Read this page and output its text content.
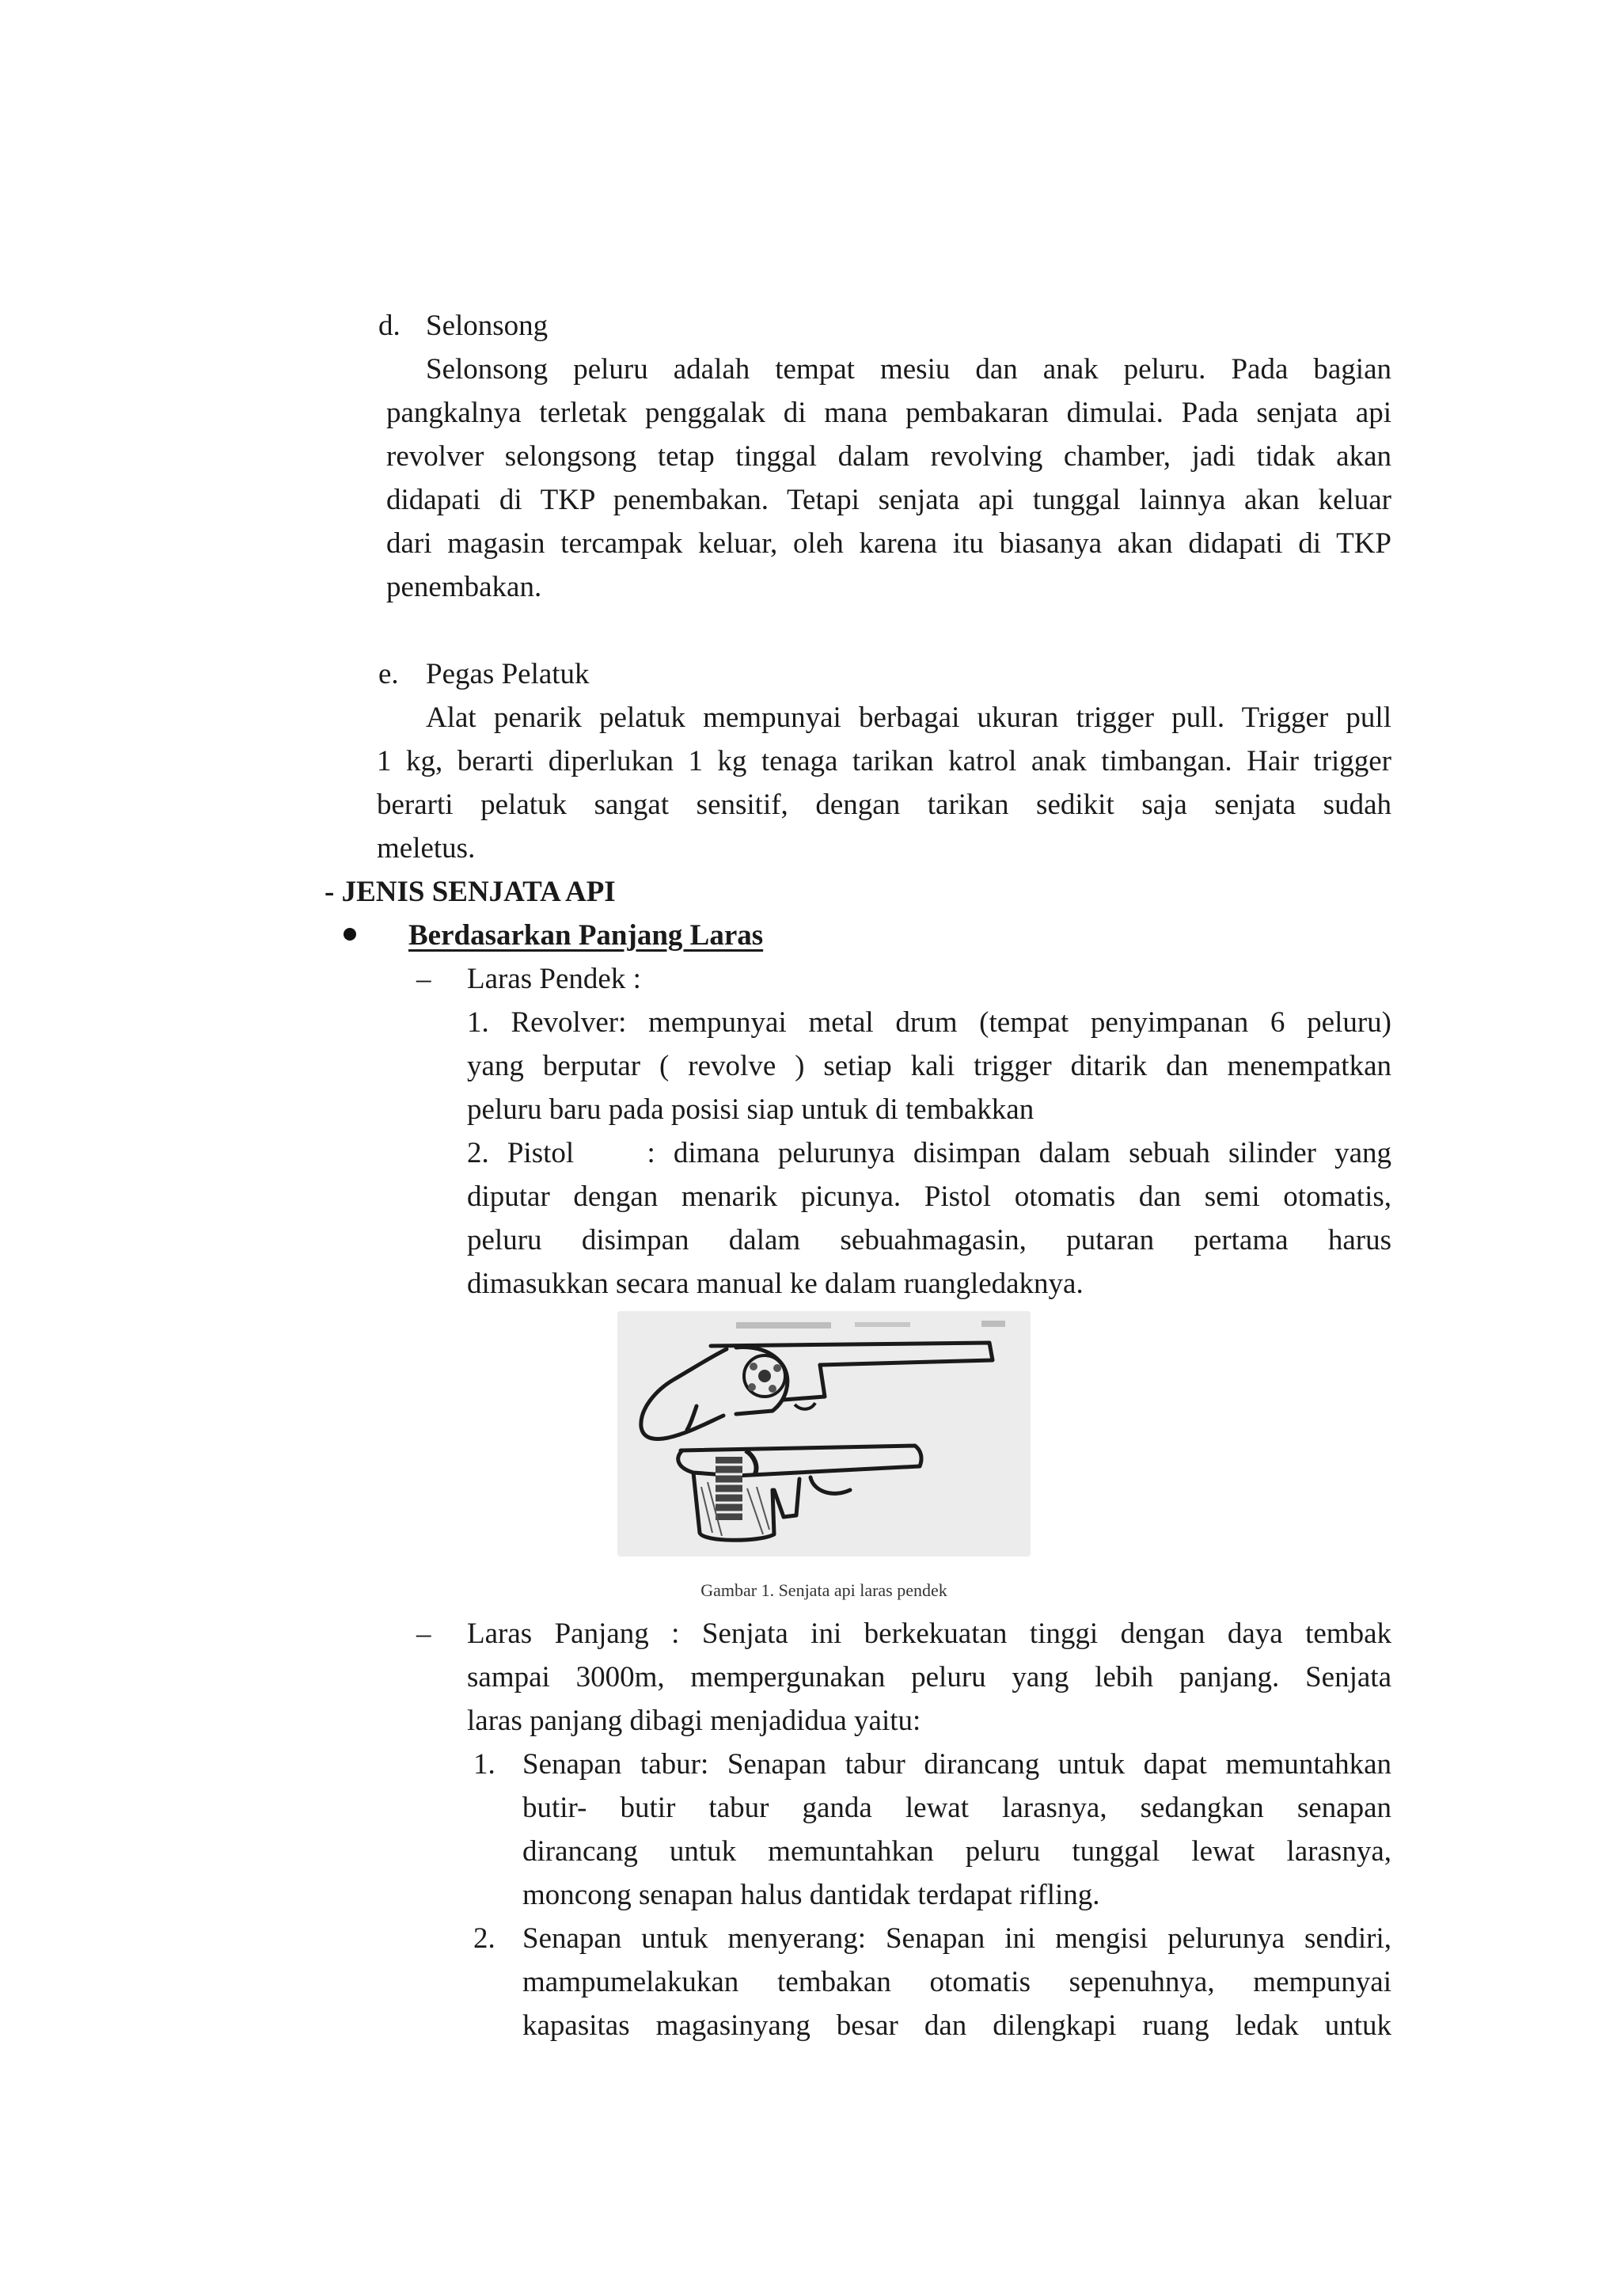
d. Selonsong
Selonsong peluru adalah tempat mesiu dan anak peluru. Pada bagian
pangkalnya terletak penggalak di mana pembakaran dimulai. Pada senjata api
revolver selongsong tetap tinggal dalam revolving chamber, jadi tidak akan
didapati di TKP penembakan. Tetapi senjata api tunggal lainnya akan keluar
dari magasin tercampak keluar, oleh karena itu biasanya akan didapati di TKP
penembakan.
e. Pegas Pelatuk
Alat penarik pelatuk mempunyai berbagai ukuran trigger pull. Trigger pull
1 kg, berarti diperlukan 1 kg tenaga tarikan katrol anak timbangan. Hair trigger
berarti pelatuk sangat sensitif, dengan tarikan sedikit saja senjata sudah
meletus.
- JENIS SENJATA API
Berdasarkan Panjang Laras
– Laras Pendek :
1. Revolver: mempunyai metal drum (tempat penyimpanan 6 peluru)
yang berputar ( revolve ) setiap kali trigger ditarik dan menempatkan
peluru baru pada posisi siap untuk di tembakkan
2. Pistol    : dimana pelurunya disimpan dalam sebuah silinder yang
diputar dengan menarik picunya. Pistol otomatis dan semi otomatis,
peluru disimpan dalam sebuahmagasin, putaran pertama harus
dimasukkan secara manual ke dalam ruangledaknya.
Gambar 1. Senjata api laras pendek
– Laras Panjang : Senjata ini berkekuatan tinggi dengan daya tembak
sampai 3000m, mempergunakan peluru yang lebih panjang. Senjata
laras panjang dibagi menjadidua yaitu:
1. Senapan tabur: Senapan tabur dirancang untuk dapat memuntahkan
butir- butir tabur ganda lewat larasnya, sedangkan senapan
dirancang untuk memuntahkan peluru tunggal lewat larasnya,
moncong senapan halus dantidak terdapat rifling.
2. Senapan untuk menyerang: Senapan ini mengisi pelurunya sendiri,
mampumelakukan tembakan otomatis sepenuhnya, mempunyai
kapasitas magasinyang besar dan dilengkapi ruang ledak untuk
